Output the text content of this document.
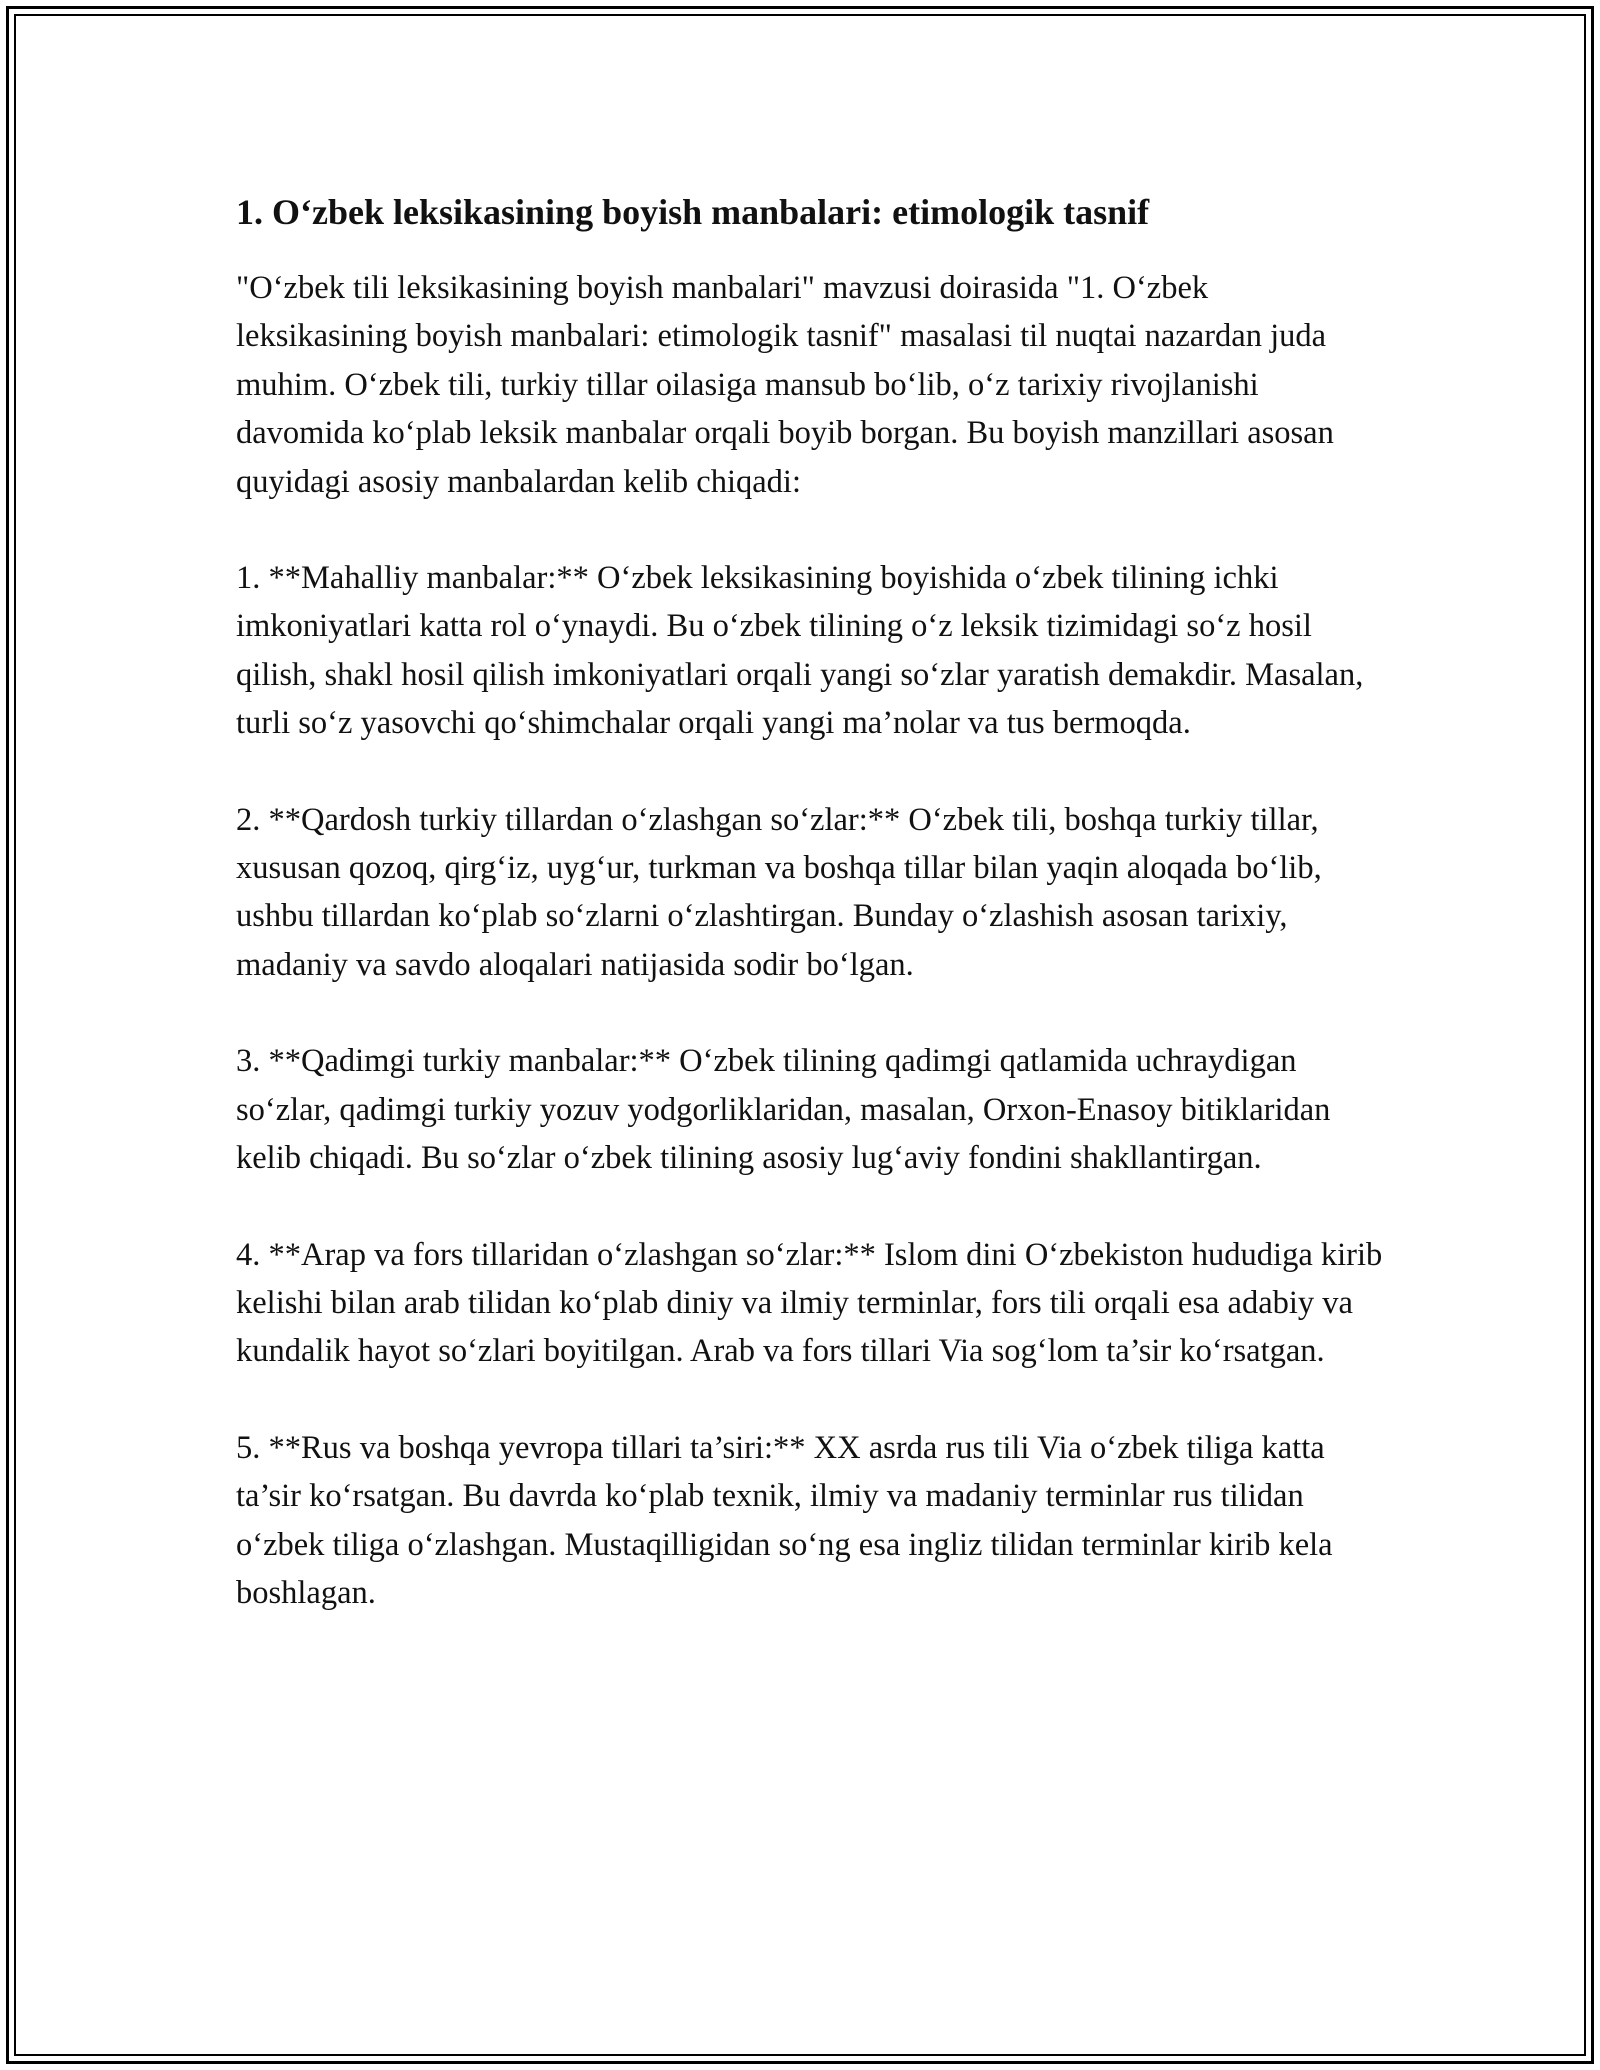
1. O‘zbek leksikasining boyish manbalari: etimologik tasnif

"O‘zbek tili leksikasining boyish manbalari" mavzusi doirasida "1. O‘zbek leksikasining boyish manbalari: etimologik tasnif" masalasi til nuqtai nazardan juda muhim. O‘zbek tili, turkiy tillar oilasiga mansub bo‘lib, o‘z tarixiy rivojlanishi davomida ko‘plab leksik manbalar orqali boyib borgan. Bu boyish manzillari asosan quyidagi asosiy manbalardan kelib chiqadi:

1. **Mahalliy manbalar:** O‘zbek leksikasining boyishida o‘zbek tilining ichki imkoniyatlari katta rol o‘ynaydi. Bu o‘zbek tilining o‘z leksik tizimidagi so‘z hosil qilish, shakl hosil qilish imkoniyatlari orqali yangi so‘zlar yaratish demakdir. Masalan, turli so‘z yasovchi qo‘shimchalar orqali yangi ma’nolar va tus bermoqda.

2. **Qardosh turkiy tillardan o‘zlashgan so‘zlar:** O‘zbek tili, boshqa turkiy tillar, xususan qozoq, qirg‘iz, uyg‘ur, turkman va boshqa tillar bilan yaqin aloqada bo‘lib, ushbu tillardan ko‘plab so‘zlarni o‘zlashtirgan. Bunday o‘zlashish asosan tarixiy, madaniy va savdo aloqalari natijasida sodir bo‘lgan.

3. **Qadimgi turkiy manbalar:** O‘zbek tilining qadimgi qatlamida uchraydigan so‘zlar, qadimgi turkiy yozuv yodgorliklaridan, masalan, Orxon-Enasoy bitiklaridan kelib chiqadi. Bu so‘zlar o‘zbek tilining asosiy lug‘aviy fondini shakllantirgan.

4. **Arap va fors tillaridan o‘zlashgan so‘zlar:** Islom dini O‘zbekiston hududiga kirib kelishi bilan arab tilidan ko‘plab diniy va ilmiy terminlar, fors tili orqali esa adabiy va kundalik hayot so‘zlari boyitilgan. Arab va fors tillari Via sog‘lom ta’sir ko‘rsatgan.

5. **Rus va boshqa yevropa tillari ta’siri:** XX asrda rus tili Via o‘zbek tiliga katta ta’sir ko‘rsatgan. Bu davrda ko‘plab texnik, ilmiy va madaniy terminlar rus tilidan o‘zbek tiliga o‘zlashgan. Mustaqilligidan so‘ng esa ingliz tilidan terminlar kirib kela boshlagan.
